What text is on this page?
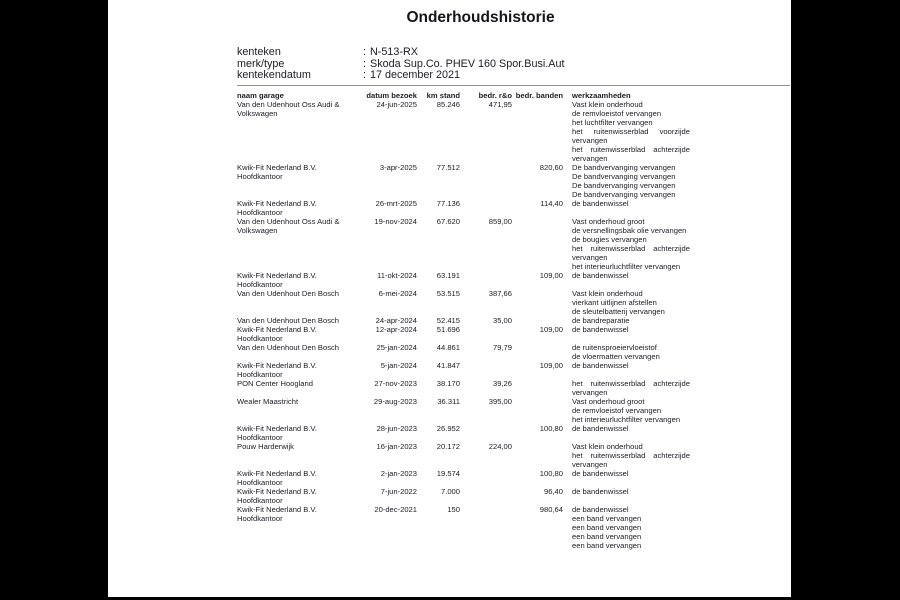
Onderhoudshistorie
kenteken	: N-513-RX
merk/type	: Skoda Sup.Co. PHEV 160 Spor.Busi.Aut
kentekendatum	: 17 december 2021
naam garage	datum bezoek	km stand	bedr. r&o	bedr. banden		werkzaamheden

Van den Udenhout Oss Audi &
Volkswagen
	24-jun-2025	85.246	471,95			Vast klein onderhoud
de remvloeistof vervangen
het luchtfilter vervangen
het ruitenwisserblad voorzijde vervangen
het ruitenwisserblad achterzijde vervangen

Kwik-Fit Nederland B.V.
Hoofdkantoor
	3-apr-2025	77.512		820,60		De bandvervanging vervangen
De bandvervanging vervangen
De bandvervanging vervangen
De bandvervanging vervangen

Kwik-Fit Nederland B.V.
Hoofdkantoor	26-mrt-2025	77.136		114,40		de bandenwissel

Van den Udenhout Oss Audi &
Volkswagen
	19-nov-2024	67.620	859,00			Vast onderhoud groot
de versnellingsbak olie vervangen
de bougies vervangen
het ruitenwisserblad achterzijde vervangen
het interieurluchtfilter vervangen

Kwik-Fit Nederland B.V.
Hoofdkantoor	11-okt-2024	63.191		109,00		de bandenwissel

Van den Udenhout Den Bosch	6-mei-2024	53.515	387,66			Vast klein onderhoud
vierkant uitlijnen afstellen
de sleutelbatterij vervangen

Van den Udenhout Den Bosch	24-apr-2024	52.415	35,00			de bandreparatie

Kwik-Fit Nederland B.V.
Hoofdkantoor	12-apr-2024	51.696		109,00		de bandenwissel

Van den Udenhout Den Bosch	25-jan-2024	44.861	79,79			de ruitensproeiervloeistof
de vloermatten vervangen

Kwik-Fit Nederland B.V.
Hoofdkantoor	5-jan-2024	41.847		109,00		de bandenwissel

PON Center Hoogland	27-nov-2023	38.170	39,26			het ruitenwisserblad achterzijde vervangen

Wealer Maastricht	29-aug-2023	36.311	395,00			Vast onderhoud groot
de remvloeistof vervangen
het interieurluchtfilter vervangen

Kwik-Fit Nederland B.V.
Hoofdkantoor	28-jun-2023	26.952		100,80		de bandenwissel

Pouw Harderwijk	16-jan-2023	20.172	224,00			Vast klein onderhoud
het ruitenwisserblad achterzijde vervangen

Kwik-Fit Nederland B.V.
Hoofdkantoor	2-jan-2023	19.574		100,80		de bandenwissel

Kwik-Fit Nederland B.V.
Hoofdkantoor	7-jun-2022	7.000		96,40		de bandenwissel

Kwik-Fit Nederland B.V.
Hoofdkantoor
	20-dec-2021	150		980,64		de bandenwissel
een band vervangen
een band vervangen
een band vervangen
een band vervangen
